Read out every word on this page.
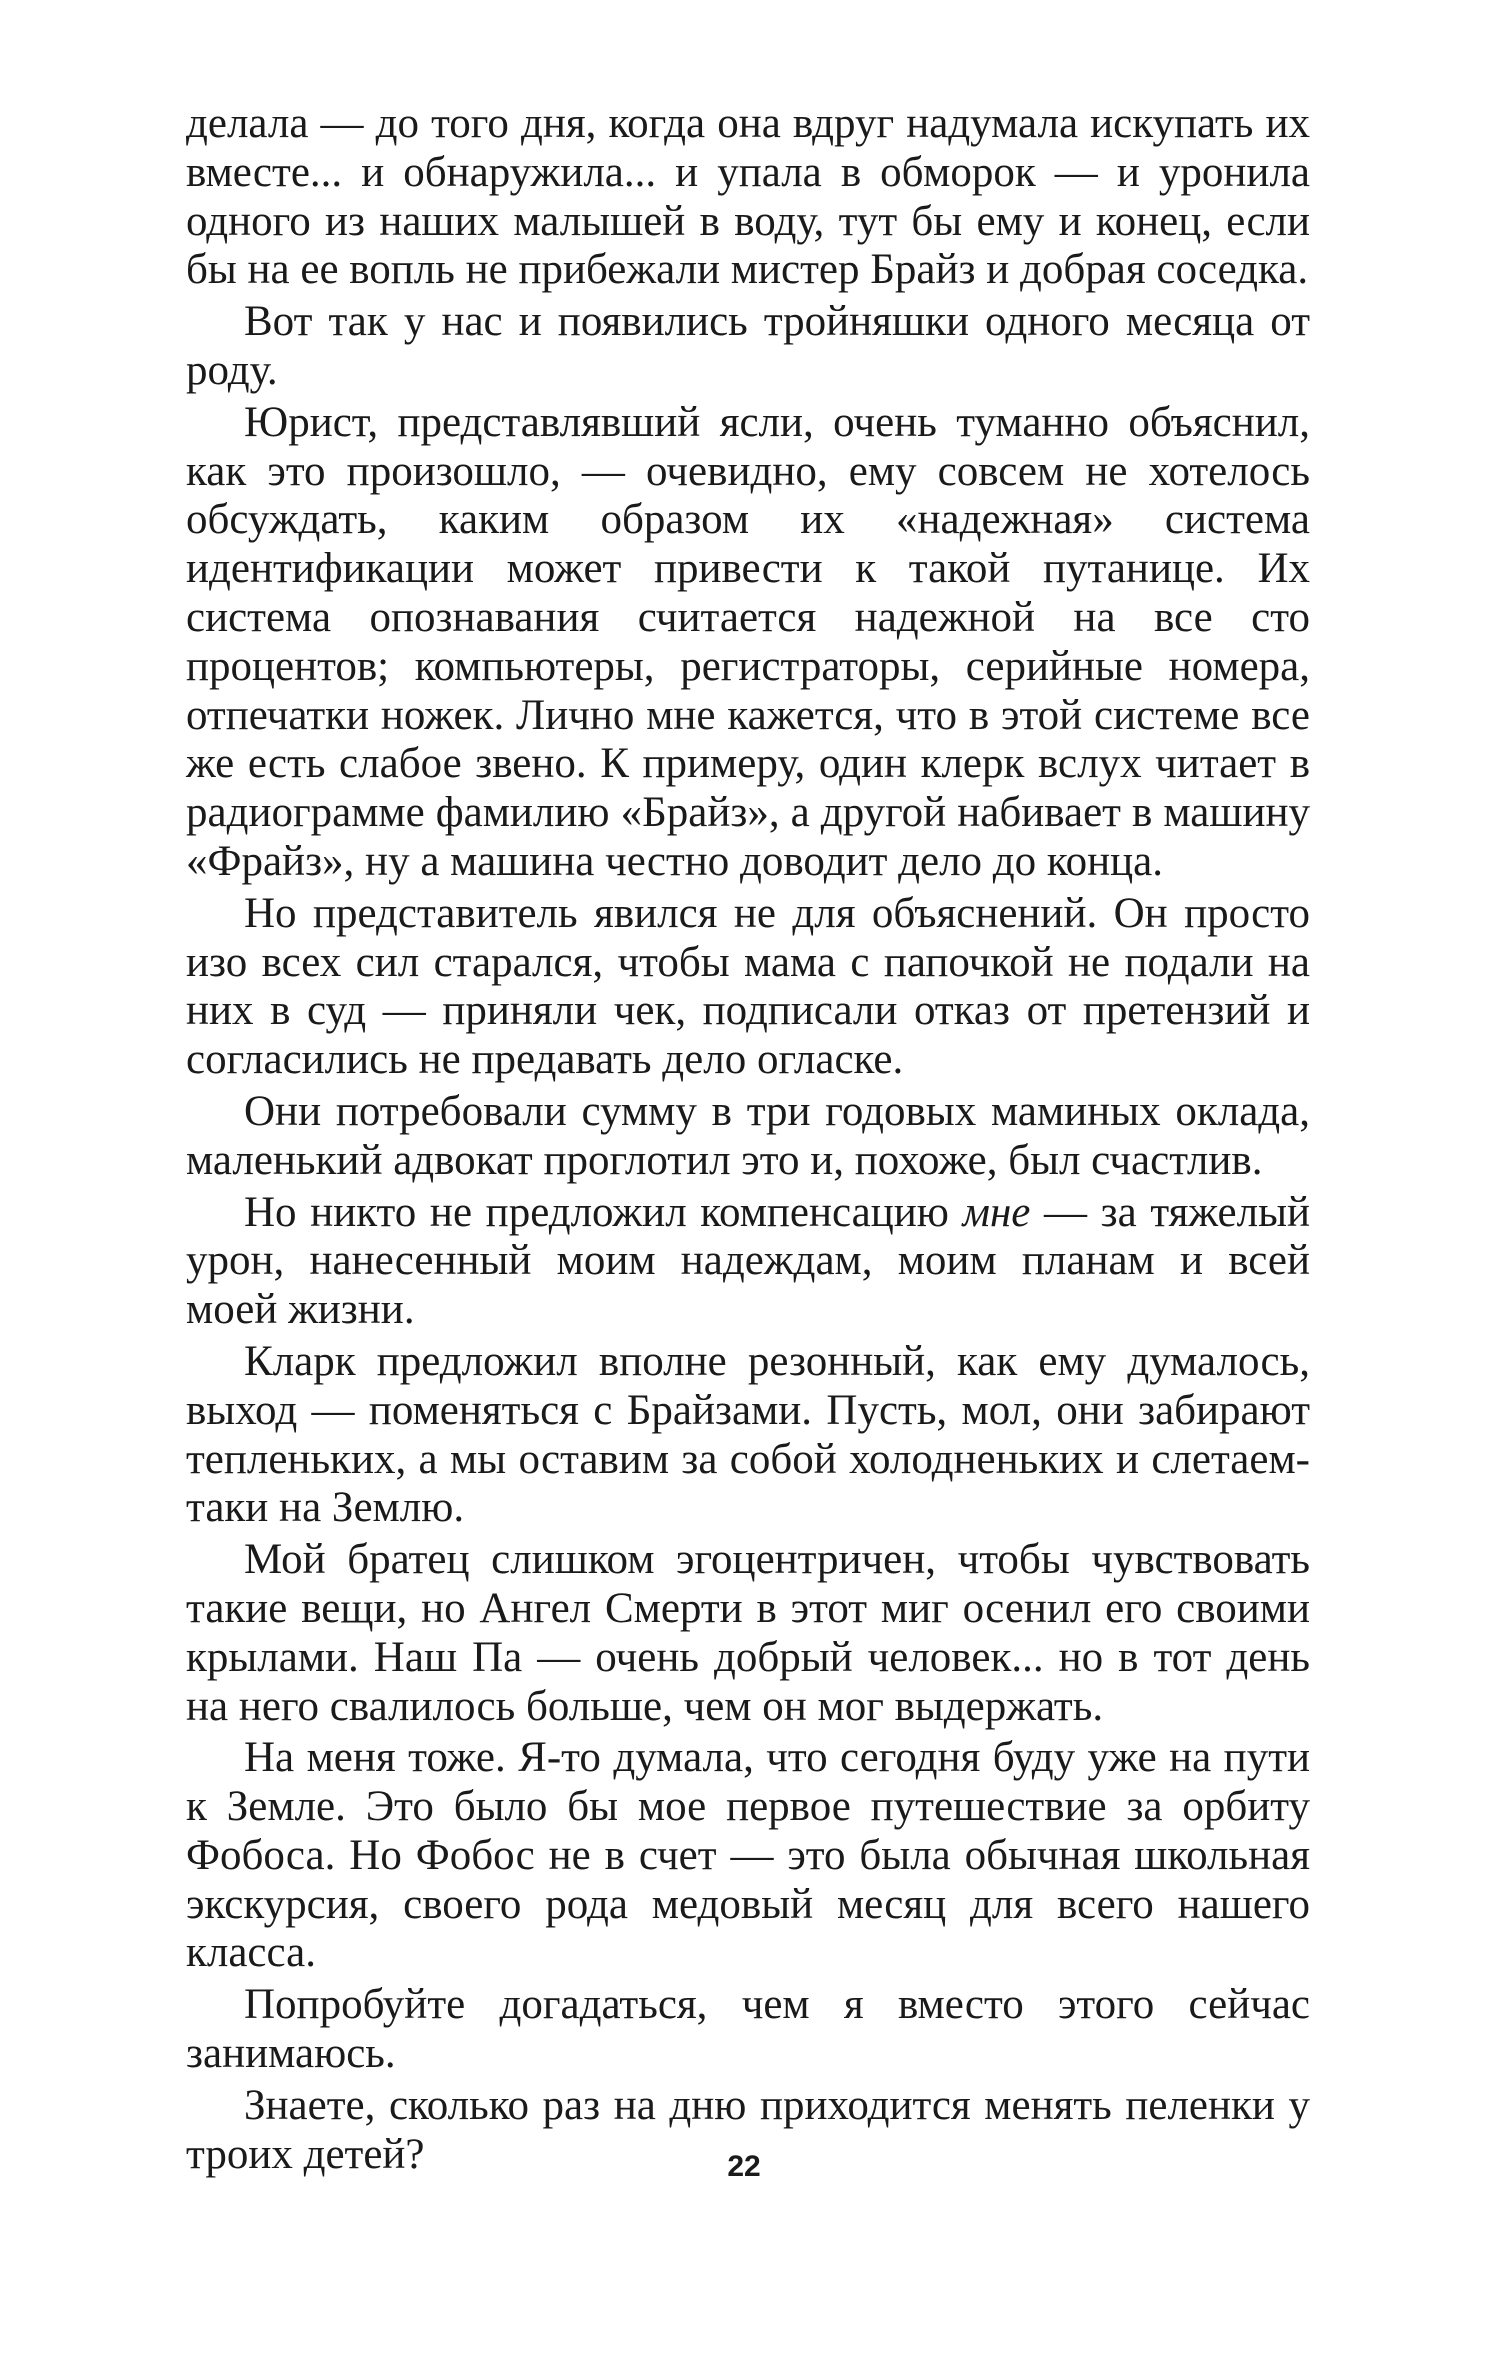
делала — до того дня, когда она вдруг надумала искупать их вместе... и обнаружила... и упала в обморок — и уронила одного из наших малышей в воду, тут бы ему и конец, если бы на ее вопль не прибежали мистер Брайз и добрая соседка.

Вот так у нас и появились тройняшки одного месяца от роду.

Юрист, представлявший ясли, очень туманно объяснил, как это произошло, — очевидно, ему совсем не хотелось обсуждать, каким образом их «надежная» система идентификации может привести к такой путанице. Их система опознавания считается надежной на все сто процентов; компьютеры, регистраторы, серийные номера, отпечатки ножек. Лично мне кажется, что в этой системе все же есть слабое звено. К примеру, один клерк вслух читает в радиограмме фамилию «Брайз», а другой набивает в машину «Фрайз», ну а машина честно доводит дело до конца.

Но представитель явился не для объяснений. Он просто изо всех сил старался, чтобы мама с папочкой не подали на них в суд — приняли чек, подписали отказ от претензий и согласились не предавать дело огласке.

Они потребовали сумму в три годовых маминых оклада, маленький адвокат проглотил это и, похоже, был счастлив.

Но никто не предложил компенсацию мне — за тяжелый урон, нанесенный моим надеждам, моим планам и всей моей жизни.

Кларк предложил вполне резонный, как ему думалось, выход — поменяться с Брайзами. Пусть, мол, они забирают тепленьких, а мы оставим за собой холодненьких и слетаем-таки на Землю.

Мой братец слишком эгоцентричен, чтобы чувствовать такие вещи, но Ангел Смерти в этот миг осенил его своими крылами. Наш Па — очень добрый человек... но в тот день на него свалилось больше, чем он мог выдержать.

На меня тоже. Я-то думала, что сегодня буду уже на пути к Земле. Это было бы мое первое путешествие за орбиту Фобоса. Но Фобос не в счет — это была обычная школьная экскурсия, своего рода медовый месяц для всего нашего класса.

Попробуйте догадаться, чем я вместо этого сейчас занимаюсь.

Знаете, сколько раз на дню приходится менять пеленки у троих детей?	22
